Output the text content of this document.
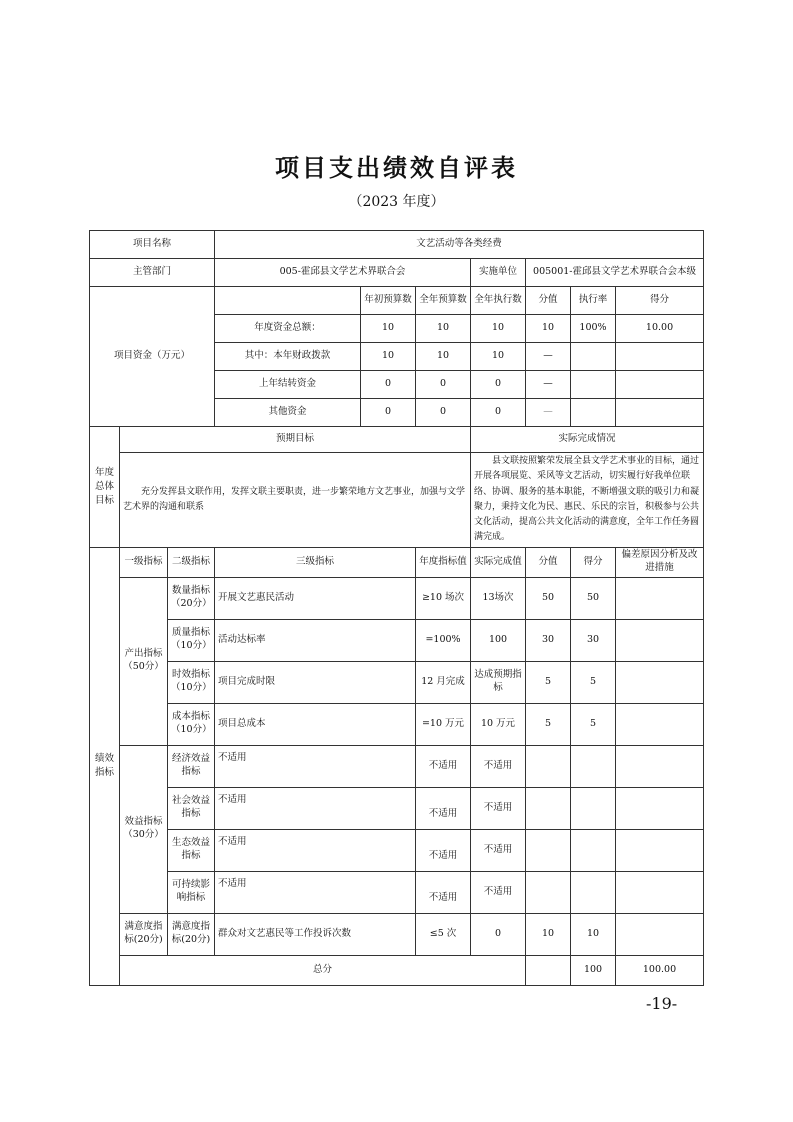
项目支出绩效自评表
（2023 年度）
项目名称			文艺活动等各类经费							
主管部门			005-霍邱县文学艺术界联合会			实施单位	005001-霍邱县文学艺术界联合会本级			
项目资金（万元）				年初预算数	全年预算数	全年执行数	分值	执行率	得分	
			年度资金总额：	10	10	10	10	100%	10.00	
			其中：本年财政拨款	10	10	10	—			
			上年结转资金	0	0	0	—			
			其他资金	0	0	0	—			
年度总体目标	预期目标					实际完成情况				
	充分发挥县文联作用，发挥文联主要职责，进一步繁荣地方文艺事业，加强与文学艺术界的沟通和联系					县文联按照繁荣发展全县文学艺术事业的目标，通过开展各项展览、采风等文艺活动，切实履行好我单位联络、协调、服务的基本职能，不断增强文联的吸引力和凝聚力，秉持文化为民、惠民、乐民的宗旨，积极参与公共文化活动，提高公共文化活动的满意度，全年工作任务圆满完成。				
绩效指标	一级指标	二级指标	三级指标		年度指标值	实际完成值	分值	得分	偏差原因分析及改进措施	
	产出指标（50分）	数量指标（20分）	开展文艺惠民活动		≥10 场次	13场次	50	50		
		质量指标（10分）	活动达标率		=100%	100	30	30		
		时效指标（10分）	项目完成时限		12 月完成	达成预期指标	5	5		
		成本指标（10分）	项目总成本		=10 万元	10 万元	5	5		
	效益指标（30分）	经济效益指标	不适用		不适用	不适用				
		社会效益指标	不适用		不适用	不适用				
		生态效益指标	不适用		不适用	不适用				
		可持续影响指标	不适用		不适用	不适用				
	满意度指标(20分)	满意度指标(20分)	群众对文艺惠民等工作投诉次数		≤5 次	0	10	10		
	总分							100	100.00	
-19-
